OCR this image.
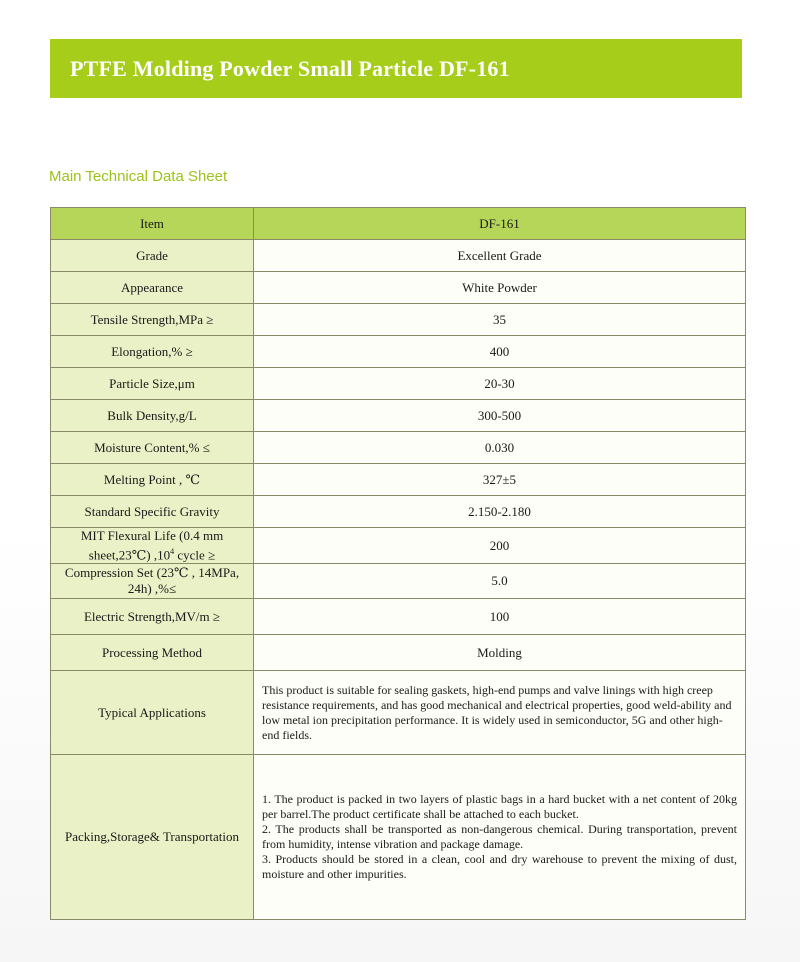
PTFE Molding Powder Small Particle DF-161
Main Technical Data Sheet
Item	DF-161
Grade	Excellent Grade
Appearance	White Powder
Tensile Strength,MPa ≥	35
Elongation,% ≥	400
Particle Size,μm	20-30
Bulk Density,g/L	300-500
Moisture Content,% ≤	0.030
Melting Point , ℃	327±5
Standard Specific Gravity	2.150-2.180
MIT Flexural Life (0.4 mm sheet,23℃) $,10^4$ cycle ≥	200
Compression Set (23℃ , 14MPa, 24h) ,%≤	5.0
Electric Strength,MV/m ≥	100
Processing Method	Molding
Typical Applications	This product is suitable for sealing gaskets, high-end pumps and valve linings with high creep resistance requirements, and has good mechanical and electrical properties, good weld-ability and low metal ion precipitation performance. It is widely used in semiconductor, 5G and other high-end fields.
Packing,Storage& Transportation	1. The product is packed in two layers of plastic bags in a hard bucket with a net content of 20kg per barrel.The product certificate shall be attached to each bucket.
2. The products shall be transported as non-dangerous chemical. During transportation, prevent from humidity, intense vibration and package damage.
3. Products should be stored in a clean, cool and dry warehouse to prevent the mixing of dust, moisture and other impurities.
